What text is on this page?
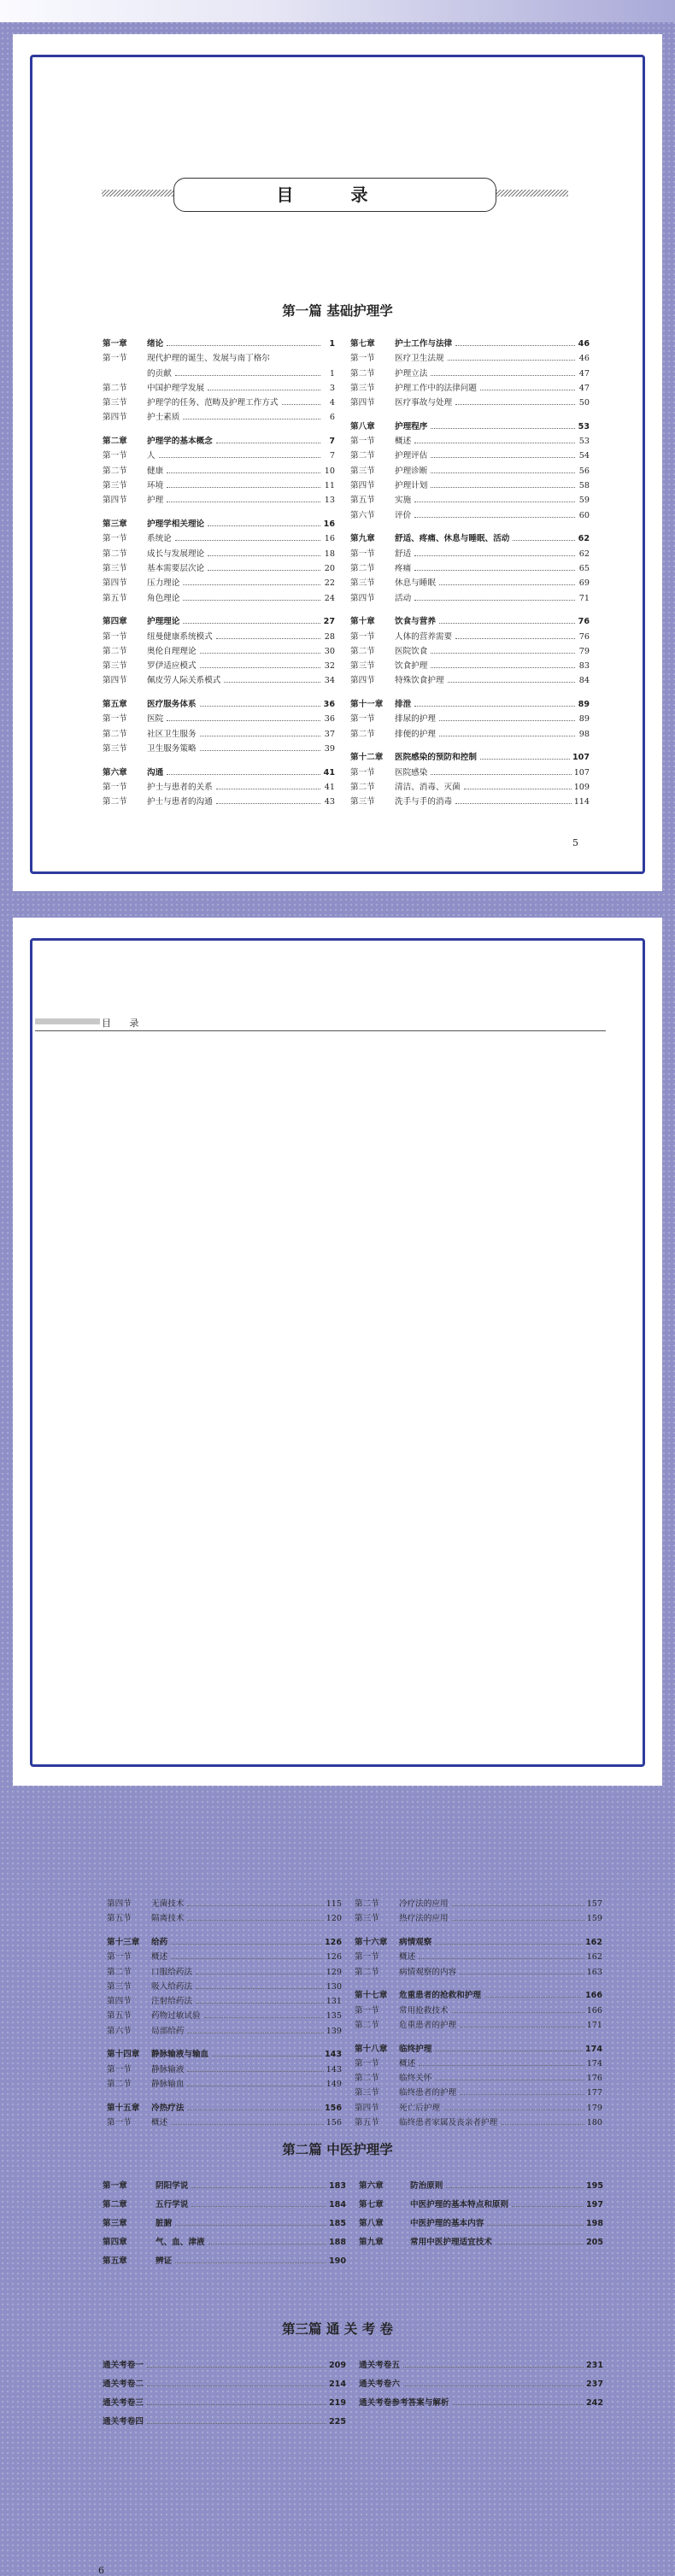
目 录
第一篇 基础护理学
第一章	绪论	1
第一节	现代护理的诞生、发展与南丁格尔
的贡献	1
第二节	中国护理学发展	3
第三节	护理学的任务、范畴及护理工作方式	4
第四节	护士素质	6
第二章	护理学的基本概念	7
第一节	人	7
第二节	健康	10
第三节	环境	11
第四节	护理	13
第三章	护理学相关理论	16
第一节	系统论	16
第二节	成长与发展理论	18
第三节	基本需要层次论	20
第四节	压力理论	22
第五节	角色理论	24
第四章	护理理论	27
第一节	纽曼健康系统模式	28
第二节	奥伦自理理论	30
第三节	罗伊适应模式	32
第四节	佩皮劳人际关系模式	34
第五章	医疗服务体系	36
第一节	医院	36
第二节	社区卫生服务	37
第三节	卫生服务策略	39
第六章	沟通	41
第一节	护士与患者的关系	41
第二节	护士与患者的沟通	43
第七章	护士工作与法律	46
第一节	医疗卫生法规	46
第二节	护理立法	47
第三节	护理工作中的法律问题	47
第四节	医疗事故与处理	50
第八章	护理程序	53
第一节	概述	53
第二节	护理评估	54
第三节	护理诊断	56
第四节	护理计划	58
第五节	实施	59
第六节	评价	60
第九章	舒适、疼痛、休息与睡眠、活动	62
第一节	舒适	62
第二节	疼痛	65
第三节	休息与睡眠	69
第四节	活动	71
第十章	饮食与营养	76
第一节	人体的营养需要	76
第二节	医院饮食	79
第三节	饮食护理	83
第四节	特殊饮食护理	84
第十一章	排泄	89
第一节	排尿的护理	89
第二节	排便的护理	98
第十二章	医院感染的预防和控制	107
第一节	医院感染	107
第二节	清洁、消毒、灭菌	109
第三节	洗手与手的消毒	114
5
目 录
第四节	无菌技术	115
第五节	隔离技术	120
第十三章	给药	126
第一节	概述	126
第二节	口服给药法	129
第三节	吸入给药法	130
第四节	注射给药法	131
第五节	药物过敏试验	135
第六节	局部给药	139
第十四章	静脉输液与输血	143
第一节	静脉输液	143
第二节	静脉输血	149
第十五章	冷热疗法	156
第一节	概述	156
第二节	冷疗法的应用	157
第三节	热疗法的应用	159
第十六章	病情观察	162
第一节	概述	162
第二节	病情观察的内容	163
第十七章	危重患者的抢救和护理	166
第一节	常用抢救技术	166
第二节	危重患者的护理	171
第十八章	临终护理	174
第一节	概述	174
第二节	临终关怀	176
第三节	临终患者的护理	177
第四节	死亡后护理	179
第五节	临终患者家属及丧亲者护理	180
第二篇 中医护理学
第一章	阴阳学说	183
第二章	五行学说	184
第三章	脏腑	185
第四章	气、血、津液	188
第五章	辨证	190
第六章	防治原则	195
第七章	中医护理的基本特点和原则	197
第八章	中医护理的基本内容	198
第九章	常用中医护理适宜技术	205
第三篇 通 关 考 卷
通关考卷一	209
通关考卷二	214
通关考卷三	219
通关考卷四	225
通关考卷五	231
通关考卷六	237
通关考卷参考答案与解析	242
6
